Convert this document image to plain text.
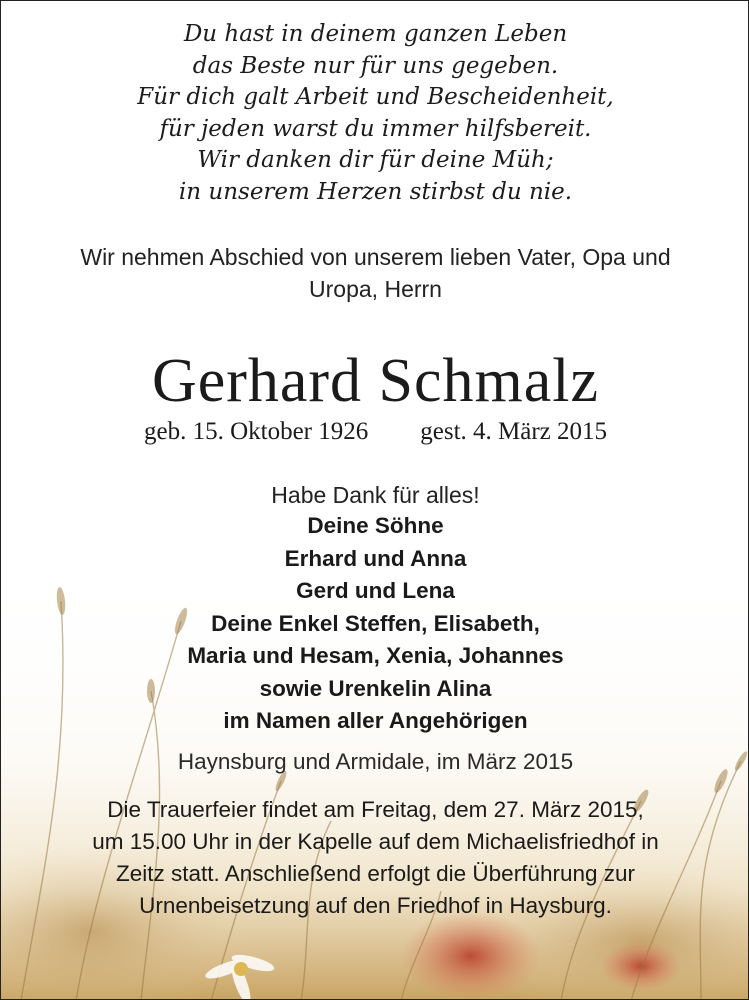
Du hast in deinem ganzen Leben
das Beste nur für uns gegeben.
Für dich galt Arbeit und Bescheidenheit,
für jeden warst du immer hilfsbereit.
Wir danken dir für deine Müh;
in unserem Herzen stirbst du nie.
Wir nehmen Abschied von unserem lieben Vater, Opa und
Uropa, Herrn
Gerhard Schmalz
geb. 15. Oktober 1926 gest. 4. März 2015
Habe Dank für alles!
Deine Söhne
Erhard und Anna
Gerd und Lena
Deine Enkel Steffen, Elisabeth,
Maria und Hesam, Xenia, Johannes
sowie Urenkelin Alina
im Namen aller Angehörigen
Haynsburg und Armidale, im März 2015
Die Trauerfeier findet am Freitag, dem 27. März 2015,
um 15.00 Uhr in der Kapelle auf dem Michaelisfriedhof in
Zeitz statt. Anschließend erfolgt die Überführung zur
Urnenbeisetzung auf den Friedhof in Haysburg.
